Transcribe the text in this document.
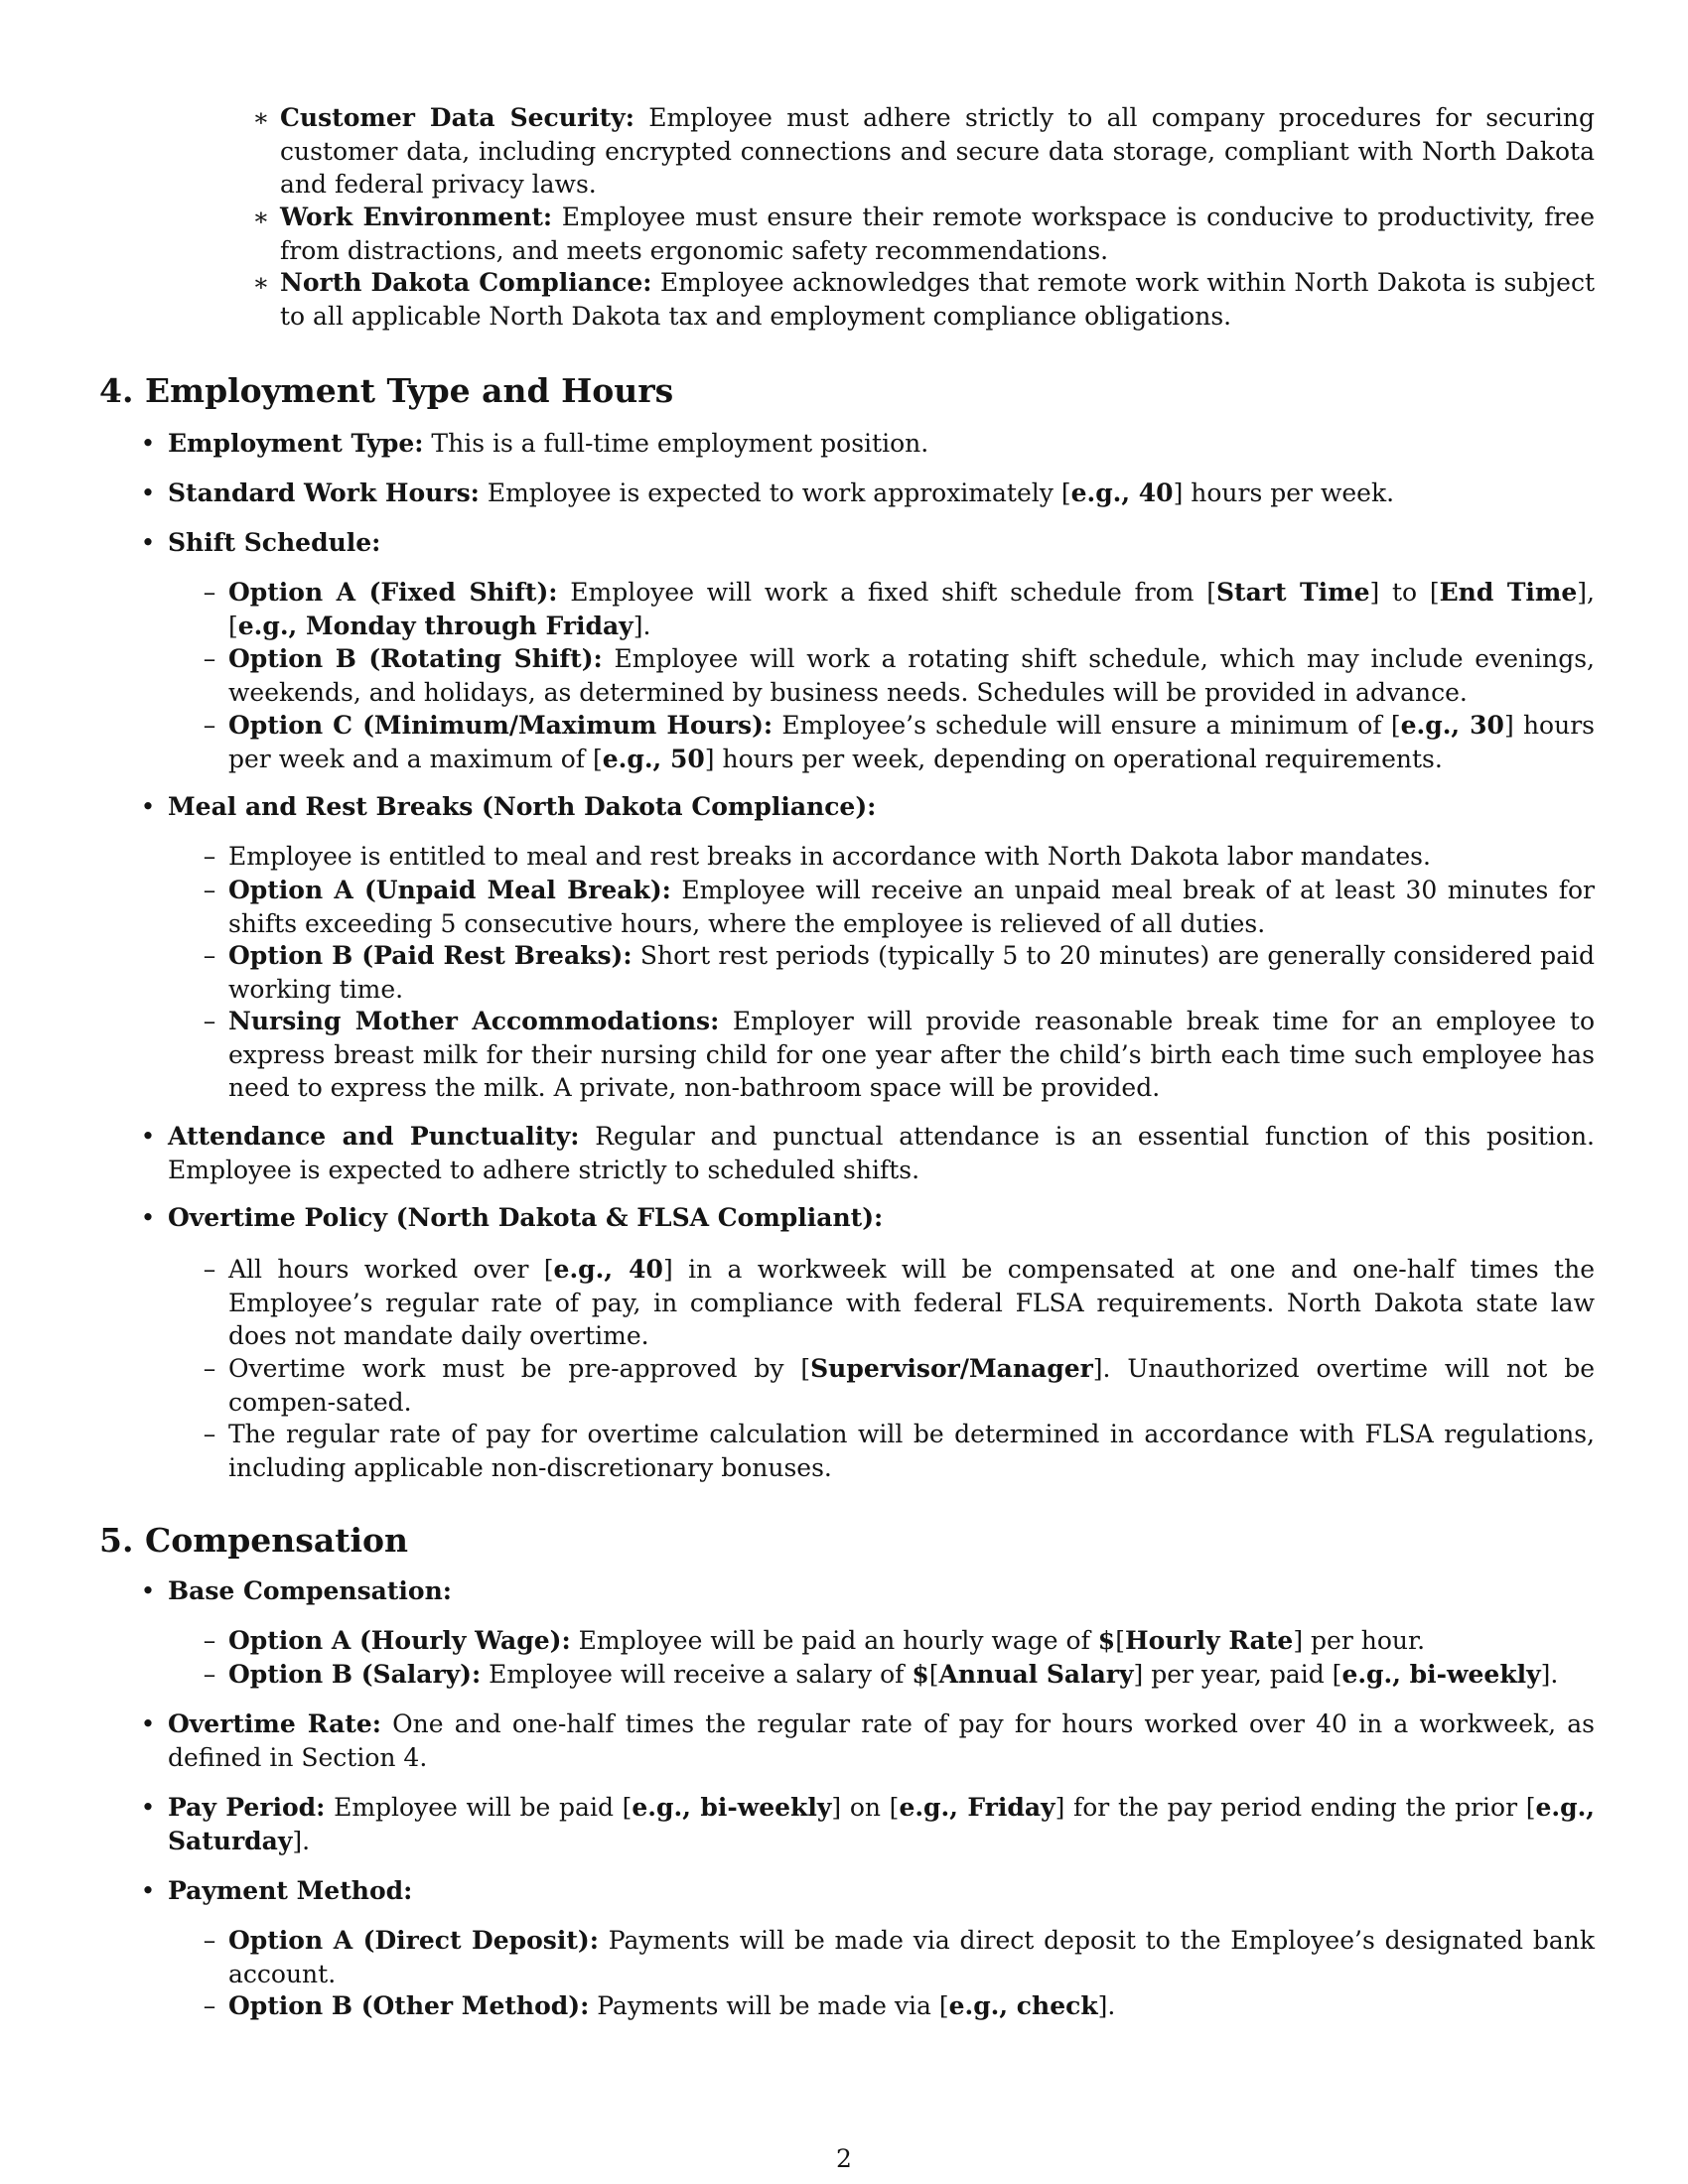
∗ Customer Data Security: Employee must adhere strictly to all company procedures for securing customer data, including encrypted connections and secure data storage, compliant with North Dakota and federal privacy laws.
∗ Work Environment: Employee must ensure their remote workspace is conducive to productivity, free from distractions, and meets ergonomic safety recommendations.
∗ North Dakota Compliance: Employee acknowledges that remote work within North Dakota is subject to all applicable North Dakota tax and employment compliance obligations.
4. Employment Type and Hours
• Employment Type: This is a full-time employment position.
• Standard Work Hours: Employee is expected to work approximately [e.g., 40] hours per week.
• Shift Schedule:
– Option A (Fixed Shift): Employee will work a fixed shift schedule from [Start Time] to [End Time], [e.g., Monday through Friday].
– Option B (Rotating Shift): Employee will work a rotating shift schedule, which may include evenings, weekends, and holidays, as determined by business needs. Schedules will be provided in advance.
– Option C (Minimum/Maximum Hours): Employee’s schedule will ensure a minimum of [e.g., 30] hours per week and a maximum of [e.g., 50] hours per week, depending on operational requirements.
• Meal and Rest Breaks (North Dakota Compliance):
– Employee is entitled to meal and rest breaks in accordance with North Dakota labor mandates.
– Option A (Unpaid Meal Break): Employee will receive an unpaid meal break of at least 30 minutes for shifts exceeding 5 consecutive hours, where the employee is relieved of all duties.
– Option B (Paid Rest Breaks): Short rest periods (typically 5 to 20 minutes) are generally considered paid working time.
– Nursing Mother Accommodations: Employer will provide reasonable break time for an employee to express breast milk for their nursing child for one year after the child’s birth each time such employee has need to express the milk. A private, non-bathroom space will be provided.
• Attendance and Punctuality: Regular and punctual attendance is an essential function of this position. Employee is expected to adhere strictly to scheduled shifts.
• Overtime Policy (North Dakota & FLSA Compliant):
– All hours worked over [e.g., 40] in a workweek will be compensated at one and one-half times the Employee’s regular rate of pay, in compliance with federal FLSA requirements. North Dakota state law does not mandate daily overtime.
– Overtime work must be pre-approved by [Supervisor/Manager]. Unauthorized overtime will not be compen-sated.
– The regular rate of pay for overtime calculation will be determined in accordance with FLSA regulations, including applicable non-discretionary bonuses.
5. Compensation
• Base Compensation:
– Option A (Hourly Wage): Employee will be paid an hourly wage of $[Hourly Rate] per hour.
– Option B (Salary): Employee will receive a salary of $[Annual Salary] per year, paid [e.g., bi-weekly].
• Overtime Rate: One and one-half times the regular rate of pay for hours worked over 40 in a workweek, as defined in Section 4.
• Pay Period: Employee will be paid [e.g., bi-weekly] on [e.g., Friday] for the pay period ending the prior [e.g., Saturday].
• Payment Method:
– Option A (Direct Deposit): Payments will be made via direct deposit to the Employee’s designated bank account.
– Option B (Other Method): Payments will be made via [e.g., check].
2
